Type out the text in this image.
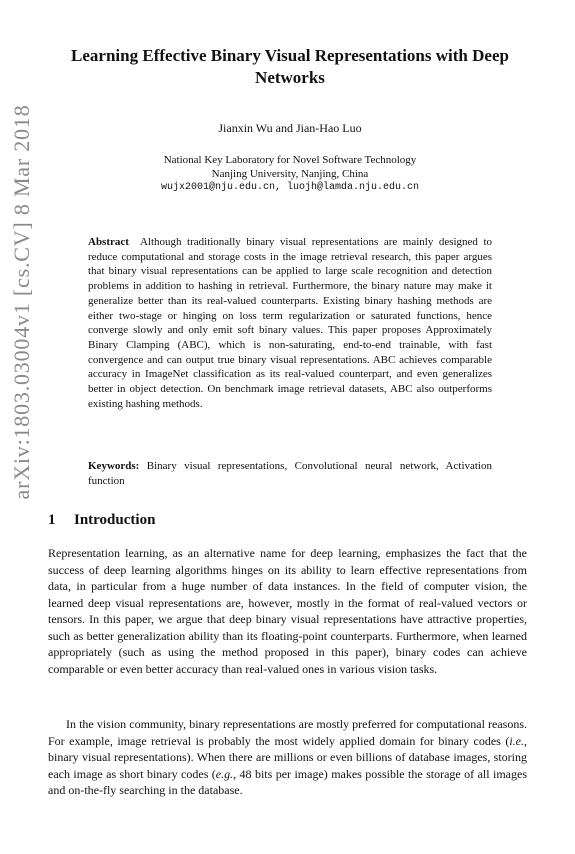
arXiv:1803.03004v1 [cs.CV] 8 Mar 2018
Learning Effective Binary Visual Representations with Deep Networks
Jianxin Wu and Jian-Hao Luo
National Key Laboratory for Novel Software Technology
Nanjing University, Nanjing, China
wujx2001@nju.edu.cn, luojh@lamda.nju.edu.cn
Abstract Although traditionally binary visual representations are mainly designed to reduce computational and storage costs in the image retrieval research, this paper argues that binary visual representations can be applied to large scale recognition and detection problems in addition to hashing in retrieval. Furthermore, the binary nature may make it generalize better than its real-valued counterparts. Existing binary hashing methods are either two-stage or hinging on loss term regularization or saturated functions, hence converge slowly and only emit soft binary values. This paper proposes Approximately Binary Clamping (ABC), which is non-saturating, end-to-end trainable, with fast convergence and can output true binary visual representations. ABC achieves comparable accuracy in ImageNet classification as its real-valued counterpart, and even generalizes better in object detection. On benchmark image retrieval datasets, ABC also outperforms existing hashing methods.
Keywords: Binary visual representations, Convolutional neural network, Activation function
1 Introduction
Representation learning, as an alternative name for deep learning, emphasizes the fact that the success of deep learning algorithms hinges on its ability to learn effective representations from data, in particular from a huge number of data instances. In the field of computer vision, the learned deep visual representations are, however, mostly in the format of real-valued vectors or tensors. In this paper, we argue that deep binary visual representations have attractive properties, such as better generalization ability than its floating-point counterparts. Furthermore, when learned appropriately (such as using the method proposed in this paper), binary codes can achieve comparable or even better accuracy than real-valued ones in various vision tasks.
In the vision community, binary representations are mostly preferred for computational reasons. For example, image retrieval is probably the most widely applied domain for binary codes (i.e., binary visual representations). When there are millions or even billions of database images, storing each image as short binary codes (e.g., 48 bits per image) makes possible the storage of all images and on-the-fly searching in the database.
